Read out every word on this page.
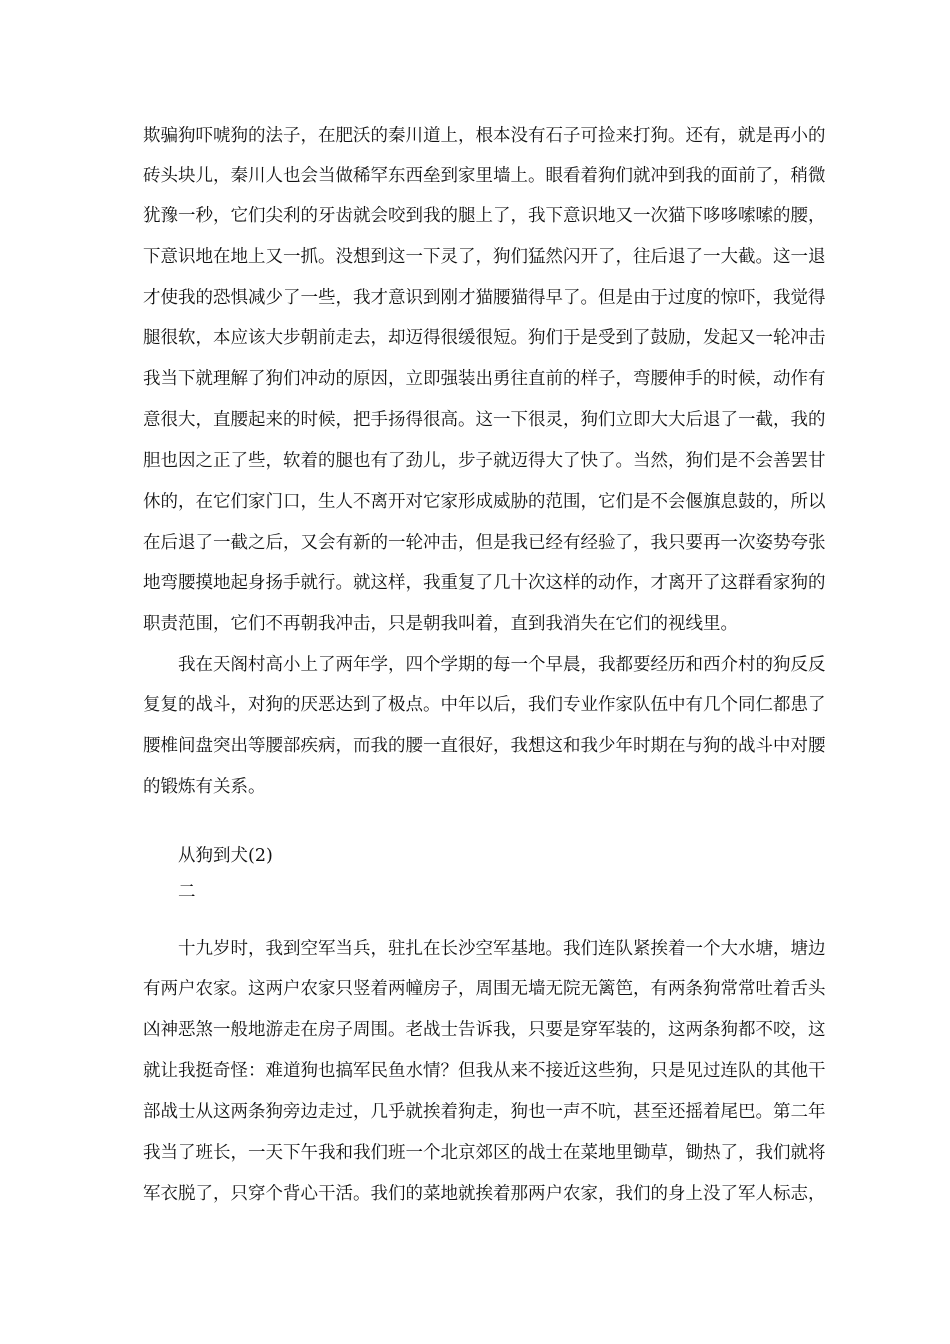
欺骗狗吓唬狗的法子，在肥沃的秦川道上，根本没有石子可捡来打狗。还有，就是再小的
砖头块儿，秦川人也会当做稀罕东西垒到家里墙上。眼看着狗们就冲到我的面前了，稍微
犹豫一秒，它们尖利的牙齿就会咬到我的腿上了，我下意识地又一次猫下哆哆嗦嗦的腰，
下意识地在地上又一抓。没想到这一下灵了，狗们猛然闪开了，往后退了一大截。这一退
才使我的恐惧减少了一些，我才意识到刚才猫腰猫得早了。但是由于过度的惊吓，我觉得
腿很软，本应该大步朝前走去，却迈得很缓很短。狗们于是受到了鼓励，发起又一轮冲击
我当下就理解了狗们冲动的原因，立即强装出勇往直前的样子，弯腰伸手的时候，动作有
意很大，直腰起来的时候，把手扬得很高。这一下很灵，狗们立即大大后退了一截，我的
胆也因之正了些，软着的腿也有了劲儿，步子就迈得大了快了。当然，狗们是不会善罢甘
休的，在它们家门口，生人不离开对它家形成威胁的范围，它们是不会偃旗息鼓的，所以
在后退了一截之后，又会有新的一轮冲击，但是我已经有经验了，我只要再一次姿势夸张
地弯腰摸地起身扬手就行。就这样，我重复了几十次这样的动作，才离开了这群看家狗的
职责范围，它们不再朝我冲击，只是朝我叫着，直到我消失在它们的视线里。
我在天阁村高小上了两年学，四个学期的每一个早晨，我都要经历和西介村的狗反反
复复的战斗，对狗的厌恶达到了极点。中年以后，我们专业作家队伍中有几个同仁都患了
腰椎间盘突出等腰部疾病，而我的腰一直很好，我想这和我少年时期在与狗的战斗中对腰
的锻炼有关系。
从狗到犬(2)
二
十九岁时，我到空军当兵，驻扎在长沙空军基地。我们连队紧挨着一个大水塘，塘边
有两户农家。这两户农家只竖着两幢房子，周围无墙无院无篱笆，有两条狗常常吐着舌头
凶神恶煞一般地游走在房子周围。老战士告诉我，只要是穿军装的，这两条狗都不咬，这
就让我挺奇怪：难道狗也搞军民鱼水情？但我从来不接近这些狗，只是见过连队的其他干
部战士从这两条狗旁边走过，几乎就挨着狗走，狗也一声不吭，甚至还摇着尾巴。第二年
我当了班长，一天下午我和我们班一个北京郊区的战士在菜地里锄草，锄热了，我们就将
军衣脱了，只穿个背心干活。我们的菜地就挨着那两户农家，我们的身上没了军人标志，
